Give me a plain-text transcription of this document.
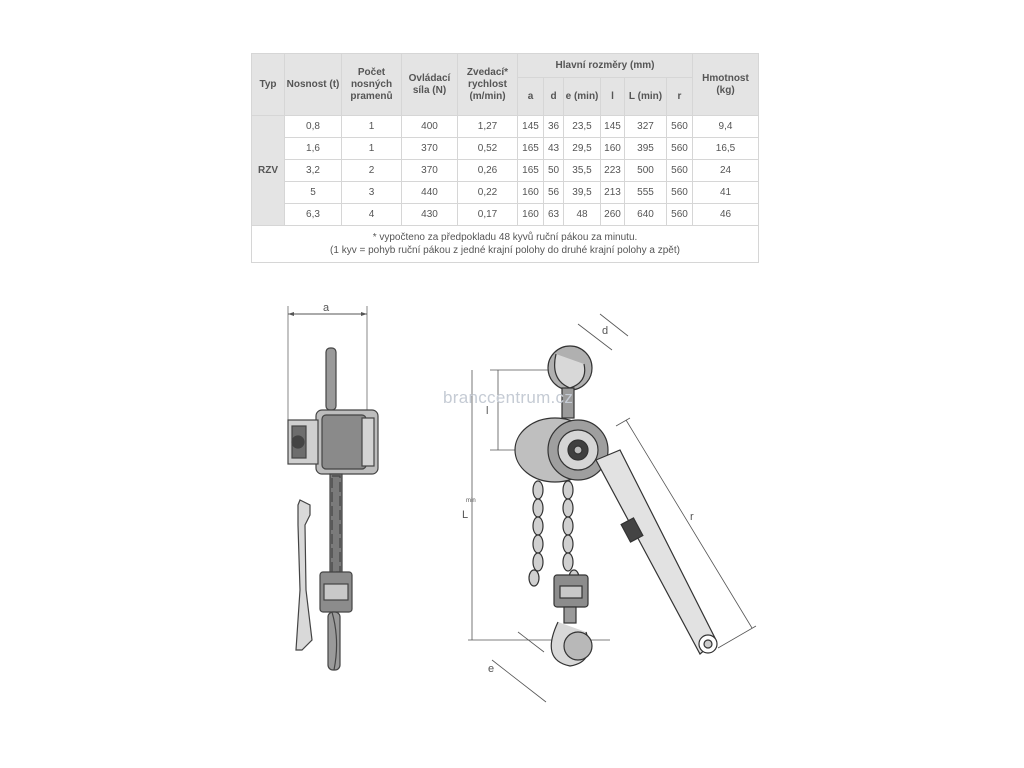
Typ	Nosnost (t)	Počet nosných pramenů	Ovládací síla (N)	Zvedací* rychlost (m/min)	Hlavní rozměry (mm)						Hmotnost (kg)
					a	d	e (min)	l	L (min)	r	
RZV	0,8	1	400	1,27	145	36	23,5	145	327	560	9,4
	1,6	1	370	0,52	165	43	29,5	160	395	560	16,5
	3,2	2	370	0,26	165	50	35,5	223	500	560	24
	5	3	440	0,22	160	56	39,5	213	555	560	41
	6,3	4	430	0,17	160	63	48	260	640	560	46
* vypočteno za předpokladu 48 kyvů ruční pákou za minutu.
(1 kyv = pohyb ruční pákou z jedné krajní polohy do druhé krajní polohy a zpět)											
a
l
L
min
d
r
e
branccentrum.cz
